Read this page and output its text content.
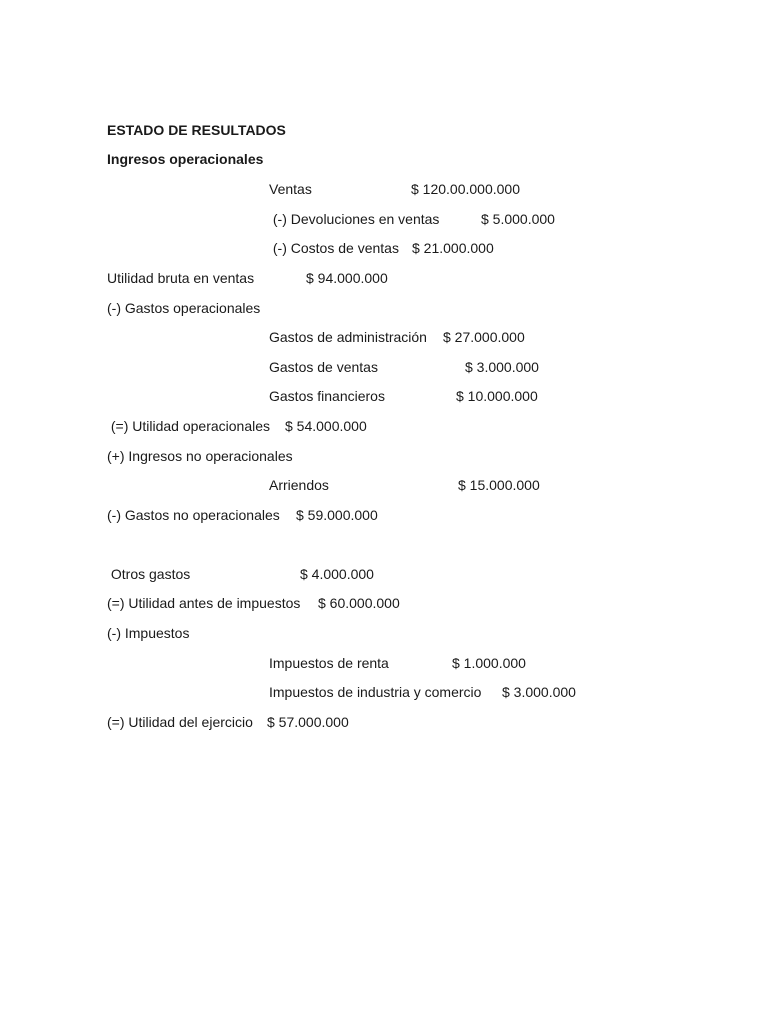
ESTADO DE RESULTADOS
Ingresos operacionales
Ventas	$ 120.00.000.000
(-) Devoluciones en ventas	$ 5.000.000
(-) Costos de ventas $ 21.000.000
Utilidad bruta en ventas	$ 94.000.000
(-) Gastos operacionales
Gastos de administración $ 27.000.000
Gastos de ventas	$ 3.000.000
Gastos financieros	$ 10.000.000
(=) Utilidad operacionales $ 54.000.000
(+) Ingresos no operacionales
Arriendos	$ 15.000.000
(-) Gastos no operacionales $ 59.000.000
Otros gastos	$ 4.000.000
(=) Utilidad antes de impuestos $ 60.000.000
(-) Impuestos
Impuestos de renta	$ 1.000.000
Impuestos de industria y comercio $ 3.000.000
(=) Utilidad del ejercicio $ 57.000.000
